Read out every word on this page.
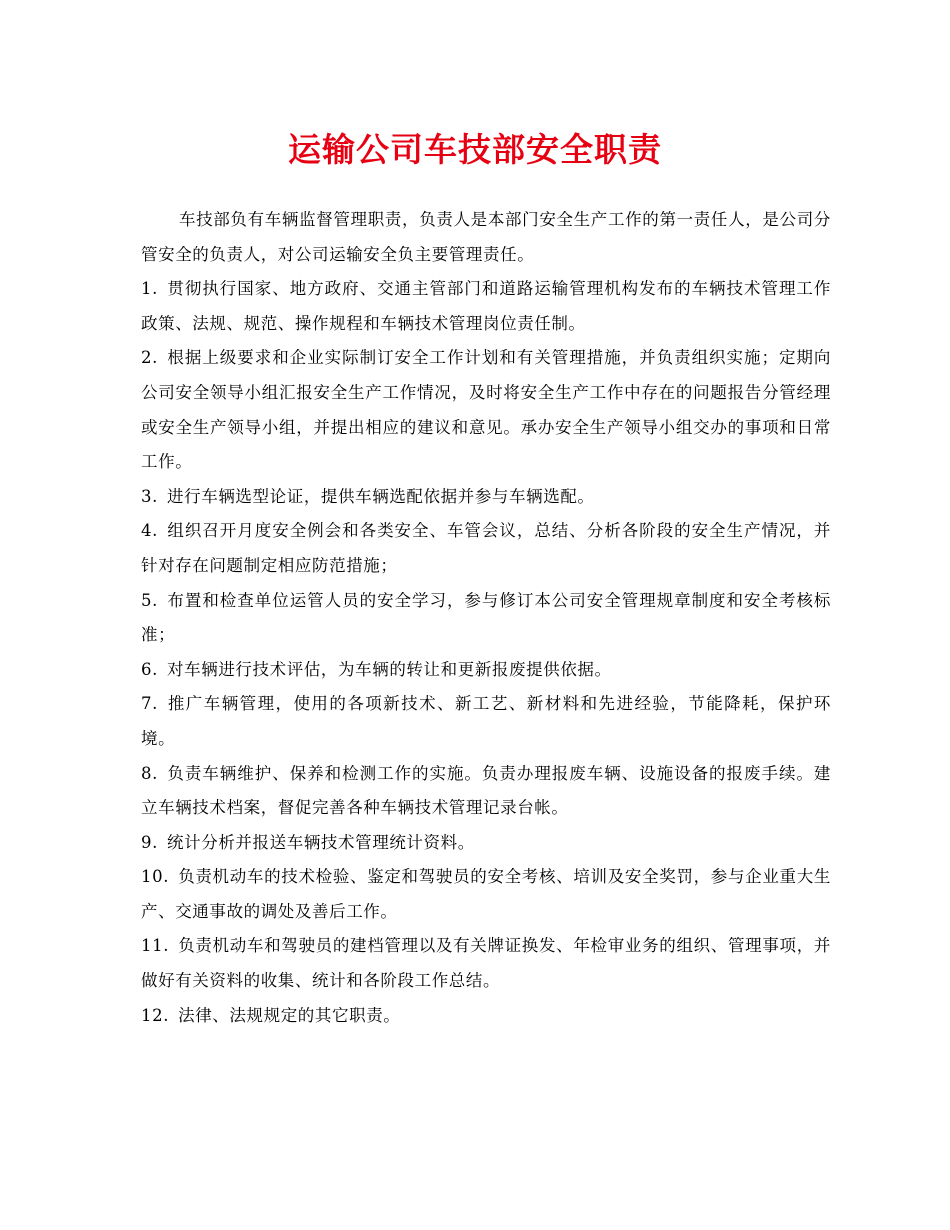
运输公司车技部安全职责

车技部负有车辆监督管理职责，负责人是本部门安全生产工作的第一责任人，是公司分管安全的负责人，对公司运输安全负主要管理责任。

1. 贯彻执行国家、地方政府、交通主管部门和道路运输管理机构发布的车辆技术管理工作政策、法规、规范、操作规程和车辆技术管理岗位责任制。

2. 根据上级要求和企业实际制订安全工作计划和有关管理措施，并负责组织实施；定期向公司安全领导小组汇报安全生产工作情况，及时将安全生产工作中存在的问题报告分管经理或安全生产领导小组，并提出相应的建议和意见。承办安全生产领导小组交办的事项和日常工作。

3. 进行车辆选型论证，提供车辆选配依据并参与车辆选配。

4. 组织召开月度安全例会和各类安全、车管会议，总结、分析各阶段的安全生产情况，并针对存在问题制定相应防范措施；

5. 布置和检查单位运管人员的安全学习，参与修订本公司安全管理规章制度和安全考核标准；

6. 对车辆进行技术评估，为车辆的转让和更新报废提供依据。

7. 推广车辆管理，使用的各项新技术、新工艺、新材料和先进经验，节能降耗，保护环境。

8. 负责车辆维护、保养和检测工作的实施。负责办理报废车辆、设施设备的报废手续。建立车辆技术档案，督促完善各种车辆技术管理记录台帐。

9. 统计分析并报送车辆技术管理统计资料。

10. 负责机动车的技术检验、鉴定和驾驶员的安全考核、培训及安全奖罚，参与企业重大生产、交通事故的调处及善后工作。

11. 负责机动车和驾驶员的建档管理以及有关牌证换发、年检审业务的组织、管理事项，并做好有关资料的收集、统计和各阶段工作总结。

12. 法律、法规规定的其它职责。
